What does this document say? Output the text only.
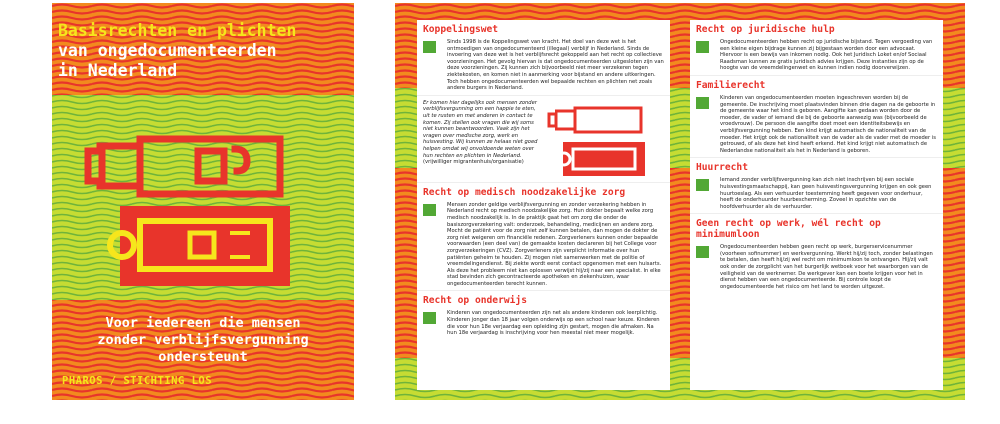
Basisrechten en plichten
van ongedocumenteerden
in Nederland
Voor iedereen die mensen
zonder verblijfsvergunning
ondersteunt
PHAROS / STICHTING LOS
Koppelingswet
Sinds 1998 is de Koppelingswet van kracht. Het doel van deze wet is het ontmoedigen van ongedocumenteerd (illegaal) verblijf in Nederland. Sinds de invoering van deze wet is het verblijfsrecht gekoppeld aan het recht op collectieve voorzieningen. Het gevolg hiervan is dat ongedocumenteerden uitgesloten zijn van deze voorzieningen. Zij kunnen zich bijvoorbeeld niet meer verzekeren tegen ziektekosten, en komen niet in aanmerking voor bijstand en andere uitkeringen. Toch hebben ongedocumenteerden wel bepaalde rechten en plichten net zoals andere burgers in Nederland.
Er komen hier dagelijks ook mensen zonder verblijfsvergunning om een happie te eten, uit te rusten en met anderen in contact te komen. Zij stellen ook vragen die wij soms niet kunnen beantwoorden. Vaak zijn het vragen over medische zorg, werk en huisvesting. Wij kunnen ze helaas niet goed helpen omdat wij onvoldoende weten over hun rechten en plichten in Nederland.
(vrijwilliger migrantenhuis/organisatie)
Recht op medisch noodzakelijke zorg
Mensen zonder geldige verblijfsvergunning en zonder verzekering hebben in Nederland recht op medisch noodzakelijke zorg. Hun dokter bepaalt welke zorg medisch noodzakelijk is. In de praktijk gaat het om zorg die onder de basiszorgverzekering valt: onderzoek, behandeling, medicijnen en andere zorg. Mocht de patiënt voor de zorg niet zelf kunnen betalen, dan mogen de dokter de zorg niet weigeren om financiële redenen. Zorgverleners kunnen onder bepaalde voorwaarden (een deel van) de gemaakte kosten declareren bij het College voor zorgverzekeringen (CVZ). Zorgverleners zijn verplicht informatie over hun patiënten geheim te houden. Zij mogen niet samenwerken met de politie of vreemdelingendienst. Bij ziekte wordt eerst contact opgenomen met een huisarts. Als deze het probleem niet kan oplossen verwijst hij/zij naar een specialist. In elke stad bevinden zich gecontracteerde apotheken en ziekenhuizen, waar ongedocumenteerden terecht kunnen.
Recht op onderwijs
Kinderen van ongedocumenteerden zijn net als andere kinderen ook leerplichtig. Kinderen jonger dan 18 jaar volgen onderwijs op een school naar keuze. Kinderen die voor hun 18e verjaardag een opleiding zijn gestart, mogen die afmaken. Na hun 18e verjaardag is inschrijving voor hen meestal niet meer mogelijk.
Recht op juridische hulp
Ongedocumenteerden hebben recht op juridische bijstand. Tegen vergoeding van een kleine eigen bijdrage kunnen zij bijgestaan worden door een advocaat. Hiervoor is een bewijs van inkomen nodig. Ook het Juridisch Loket en/of Sociaal Raadsman kunnen ze gratis juridisch advies krijgen. Deze instanties zijn op de hoogte van de vreemdelingenwet en kunnen indien nodig doorverwijzen.
Familierecht
Kinderen van ongedocumenteerden moeten ingeschreven worden bij de gemeente. De inschrijving moet plaatsvinden binnen drie dagen na de geboorte in de gemeente waar het kind is geboren. Aangifte kan gedaan worden door de moeder, de vader of iemand die bij de geboorte aanwezig was (bijvoorbeeld de vroedvrouw). De persoon die aangifte doet moet een identiteitsbewijs en verblijfsvergunning hebben. Een kind krijgt automatisch de nationaliteit van de moeder. Het krijgt ook de nationaliteit van de vader als de vader met de moeder is getrouwd, of als deze het kind heeft erkend. Het kind krijgt niet automatisch de Nederlandse nationaliteit als het in Nederland is geboren.
Huurrecht
Iemand zonder verblijfsvergunning kan zich niet inschrijven bij een sociale huisvestingsmaatschappij, kan geen huisvestingsvergunning krijgen en ook geen huurtoeslag. Als een verhuurder toestemming heeft gegeven voor onderhuur, heeft de onderhuurder huurbescherming. Zoveel in opzichte van de hoofdverhuurder als de verhuurder.
Geen recht op werk, wél recht op minimumloon
Ongedocumenteerden hebben geen recht op werk, burgerservicenummer (voorheen sofinummer) en werkvergunning. Werkt hij/zij toch, zonder belastingen te betalen, dan heeft hij/zij wel recht om minimumloon te ontvangen. Hij/zij valt ook onder de zorgplicht van het burgerlijk wetboek voor het waarborgen van de veiligheid van de werknemer. De werkgever kan een boete krijgen voor het in dienst hebben van een ongedocumenteerde. Bij controle loopt de ongedocumenteerde het risico om het land te worden uitgezet.
